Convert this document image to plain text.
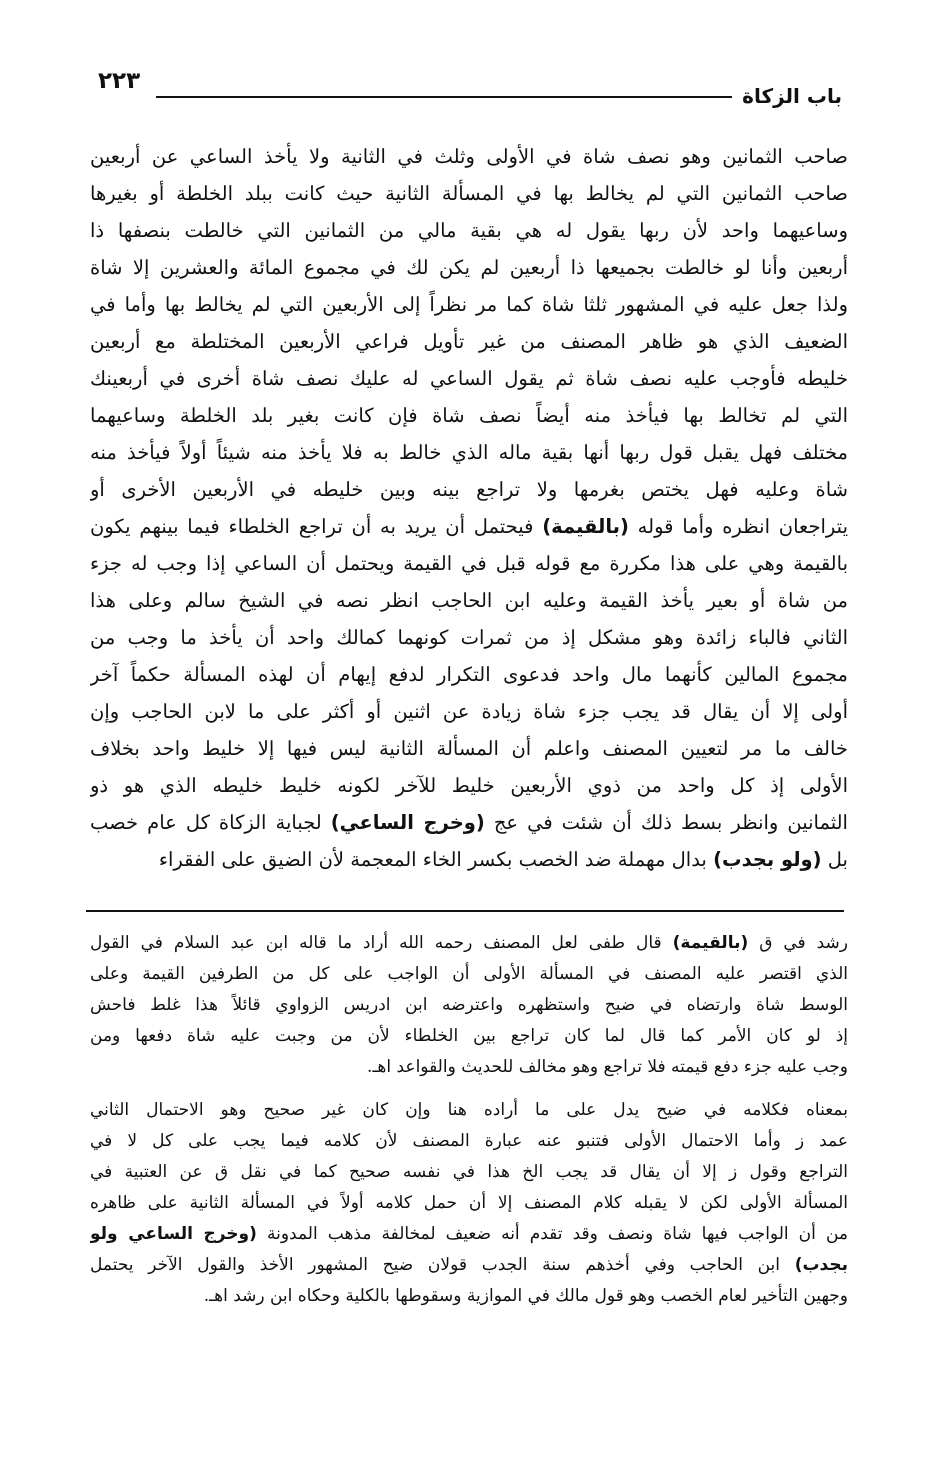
٢٢٣
باب الزكاة
صاحب الثمانين وهو نصف شاة في الأولى وثلث في الثانية ولا يأخذ الساعي عن أربعين
صاحب الثمانين التي لم يخالط بها في المسألة الثانية حيث كانت ببلد الخلطة أو بغيرها
وساعيهما واحد لأن ربها يقول له هي بقية مالي من الثمانين التي خالطت بنصفها ذا
أربعين وأنا لو خالطت بجميعها ذا أربعين لم يكن لك في مجموع المائة والعشرين إلا شاة
ولذا جعل عليه في المشهور ثلثا شاة كما مر نظراً إلى الأربعين التي لم يخالط بها وأما في
الضعيف الذي هو ظاهر المصنف من غير تأويل فراعي الأربعين المختلطة مع أربعين
خليطه فأوجب عليه نصف شاة ثم يقول الساعي له عليك نصف شاة أخرى في أربعينك
التي لم تخالط بها فيأخذ منه أيضاً نصف شاة فإن كانت بغير بلد الخلطة وساعيهما
مختلف فهل يقبل قول ربها أنها بقية ماله الذي خالط به فلا يأخذ منه شيئاً أولاً فيأخذ منه
شاة وعليه فهل يختص بغرمها ولا تراجع بينه وبين خليطه في الأربعين الأخرى أو
يتراجعان انظره وأما قوله (بالقيمة) فيحتمل أن يريد به أن تراجع الخلطاء فيما بينهم يكون
بالقيمة وهي على هذا مكررة مع قوله قبل في القيمة ويحتمل أن الساعي إذا وجب له جزء
من شاة أو بعير يأخذ القيمة وعليه ابن الحاجب انظر نصه في الشيخ سالم وعلى هذا
الثاني فالباء زائدة وهو مشكل إذ من ثمرات كونهما كمالك واحد أن يأخذ ما وجب من
مجموع المالين كأنهما مال واحد فدعوى التكرار لدفع إيهام أن لهذه المسألة حكماً آخر
أولى إلا أن يقال قد يجب جزء شاة زيادة عن اثنين أو أكثر على ما لابن الحاجب وإن
خالف ما مر لتعيين المصنف واعلم أن المسألة الثانية ليس فيها إلا خليط واحد بخلاف
الأولى إذ كل واحد من ذوي الأربعين خليط للآخر لكونه خليط خليطه الذي هو ذو
الثمانين وانظر بسط ذلك أن شئت في عج (وخرج الساعي) لجباية الزكاة كل عام خصب
بل (ولو بجدب) بدال مهملة ضد الخصب بكسر الخاء المعجمة لأن الضيق على الفقراء
رشد في ق (بالقيمة) قال طفى لعل المصنف رحمه الله أراد ما قاله ابن عبد السلام في القول
الذي اقتصر عليه المصنف في المسألة الأولى أن الواجب على كل من الطرفين القيمة وعلى
الوسط شاة وارتضاه في ضيح واستظهره واعترضه ابن ادريس الزواوي قائلاً هذا غلط فاحش
إذ لو كان الأمر كما قال لما كان تراجع بين الخلطاء لأن من وجبت عليه شاة دفعها ومن
وجب عليه جزء دفع قيمته فلا تراجع وهو مخالف للحديث والقواعد اهـ.
بمعناه فكلامه في ضيح يدل على ما أراده هنا وإن كان غير صحيح وهو الاحتمال الثاني
عمد ز وأما الاحتمال الأولى فتنبو عنه عبارة المصنف لأن كلامه فيما يجب على كل لا في
التراجع وقول ز إلا أن يقال قد يجب الخ هذا في نفسه صحيح كما في نقل ق عن العتبية في
المسألة الأولى لكن لا يقبله كلام المصنف إلا أن حمل كلامه أولاً في المسألة الثانية على ظاهره
من أن الواجب فيها شاة ونصف وقد تقدم أنه ضعيف لمخالفة مذهب المدونة (وخرج الساعي ولو
بجدب) ابن الحاجب وفي أخذهم سنة الجدب قولان ضيح المشهور الأخذ والقول الآخر يحتمل
وجهين التأخير لعام الخصب وهو قول مالك في الموازية وسقوطها بالكلية وحكاه ابن رشد اهـ.
